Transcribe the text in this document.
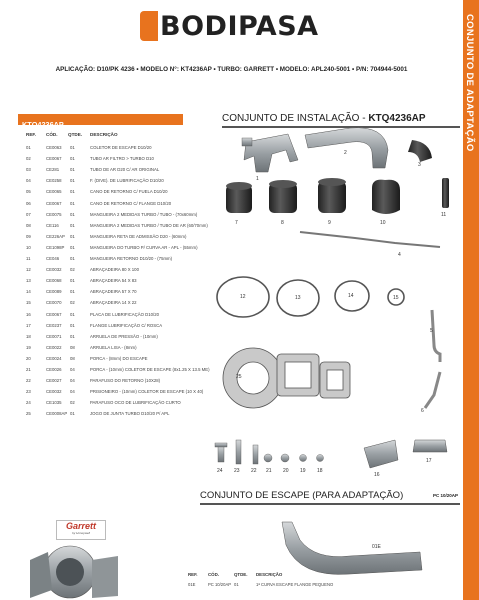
CONJUNTO DE ADAPTAÇÃO
BODIPASA
APLICAÇÃO: D10/PK 4236 • MODELO N°: KT4236AP • TURBO: GARRETT • MODELO: APL240-5001 • P/N: 704944-5001
KTQ4236AP
REF. CÓD. QTDE. DESCRIÇÃO
01	CE0063 01	COLETOR DE ESCAPE D10/20
02	CE0067 01	TUBO AR FILTRO > TURBO D10
03	CE281	01	TUBO DE AR D20 C/ AR ORIGINAL
04	CE0258 01	F. (DIVE). DE LUBRIFICAÇÃO D10/20
05	CE0065 01	CANO DE RETORNO C/ FUELA D10/20
06	CE0067 01	CANO DE RETORNO C/ FLANGE D10/20
07	CE0075 01	MANGUEIRA 2 MEDIDAS TURBO / TUBO - (70x60mm)
08	CE116	01	MANGUEIRA 2 MEDIDAS TURBO / TUBO DE AR (60/70mm)
09	CE226AP 01	MANGUEIRA RETA DE ADMISSÃO D20 - (60mm)
10	CE1098P 01	MANGUEIRA DO TURBO P/ CURVA AR - APL - (55mm)
11	CE046	01	MANGUEIRA RETORNO D10/20 - (75mm)
12	CE0032 02	ABRAÇADEIRA 80 X 100
13	CE0068 01	ABRAÇADEIRA 54 X 83
14	CE0089 01	ABRAÇADEIRA 57 X 70
15	CE0070 02	ABRAÇADEIRA 14 X 22
16	CE0067 01	PLACA DE LUBRIFICAÇÃO D10/20
17	CE0237 01	FLANGE LUBRIFICAÇÃO C/ ROSCA
18	CE0071 01	ARRUELA DE PRESSÃO - (10mm)
19	CE0022 08	ARRUELA LISA - (8mm)
20	CE0024 08	PORCA - (8mm) DO ESCAPE
21	CE0026 04	PORCA - (10mm) COLETOR DE ESCAPE (8x1.25 X 13.5 ME)
22	CE0027 04	PARAFUSO DO RETORNO (10X28)
23	CE0032 04	PRISIONEIRO - (10mm) COLETOR DE ESCAPE (10 X 40)
24	CE1035 02	PARAFUSO OCO DE LUBRIFICAÇÃO CURTO
25	CE0008AP 01	JOGO DE JUNTA TURBO D10/20 P/ APL
CONJUNTO DE INSTALAÇÃO - KTQ4236AP
1
2
3
4
5
6
7	8	9	10
11
12	13	14	15
16
17
18
19
20
21
22
23
24
25
CONJUNTO DE ESCAPE (PARA ADAPTAÇÃO)	PC 10/20AP
01E
Garrett
by Honeywell
REF. CÓD.	QTDE. DESCRIÇÃO
01E	PC 10/20AP 01	1ª CURVA ESCAPE FLANGE PEQUENO
